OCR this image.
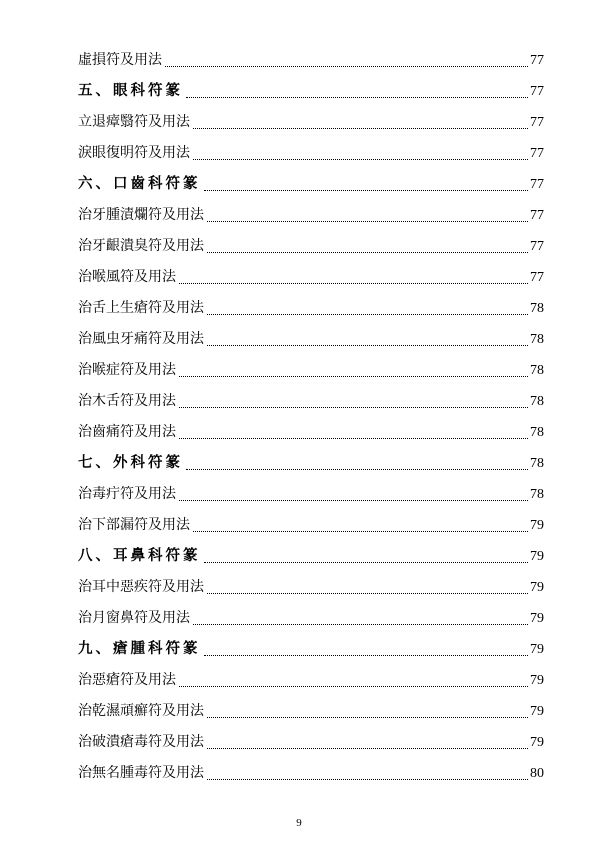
虛損符及用法	77
五、眼科符篆	77
立退瘴翳符及用法	77
淚眼復明符及用法	77
六、口齒科符篆	77
治牙腫漬爛符及用法	77
治牙齦潰臭符及用法	77
治喉風符及用法	77
治舌上生瘡符及用法	78
治風虫牙痛符及用法	78
治喉症符及用法	78
治木舌符及用法	78
治齒痛符及用法	78
七、外科符篆	78
治毒疔符及用法	78
治下部漏符及用法	79
八、耳鼻科符篆	79
治耳中惡疾符及用法	79
治月窗鼻符及用法	79
九、瘡腫科符篆	79
治惡瘡符及用法	79
治乾濕頑癬符及用法	79
治破潰瘡毒符及用法	79
治無名腫毒符及用法	80
9
